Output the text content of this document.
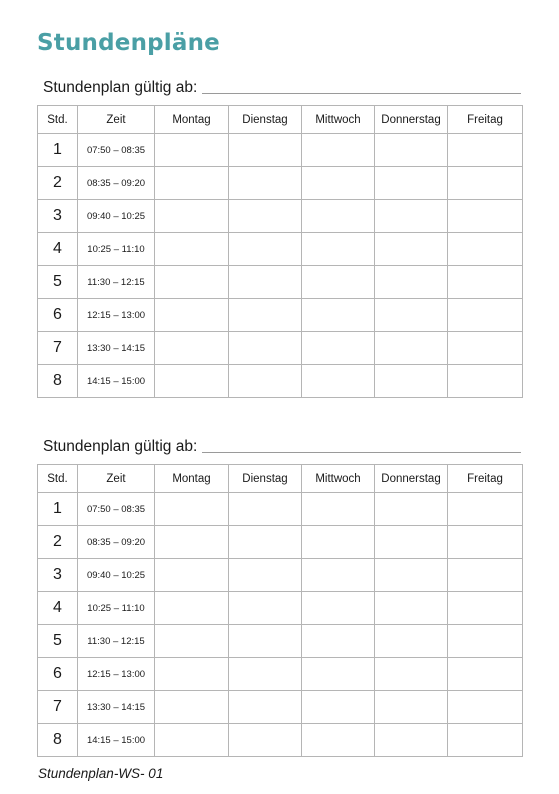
Stundenpläne
Stundenplan gültig ab:
Std.	Zeit	Montag	Dienstag	Mittwoch	Donnerstag	Freitag
1	07:50 – 08:35					
2	08:35 – 09:20					
3	09:40 – 10:25					
4	10:25 – 11:10					
5	11:30 – 12:15					
6	12:15 – 13:00					
7	13:30 – 14:15					
8	14:15 – 15:00					
Stundenplan gültig ab:
Std.	Zeit	Montag	Dienstag	Mittwoch	Donnerstag	Freitag
1	07:50 – 08:35					
2	08:35 – 09:20					
3	09:40 – 10:25					
4	10:25 – 11:10					
5	11:30 – 12:15					
6	12:15 – 13:00					
7	13:30 – 14:15					
8	14:15 – 15:00					
Stundenplan-WS- 01
